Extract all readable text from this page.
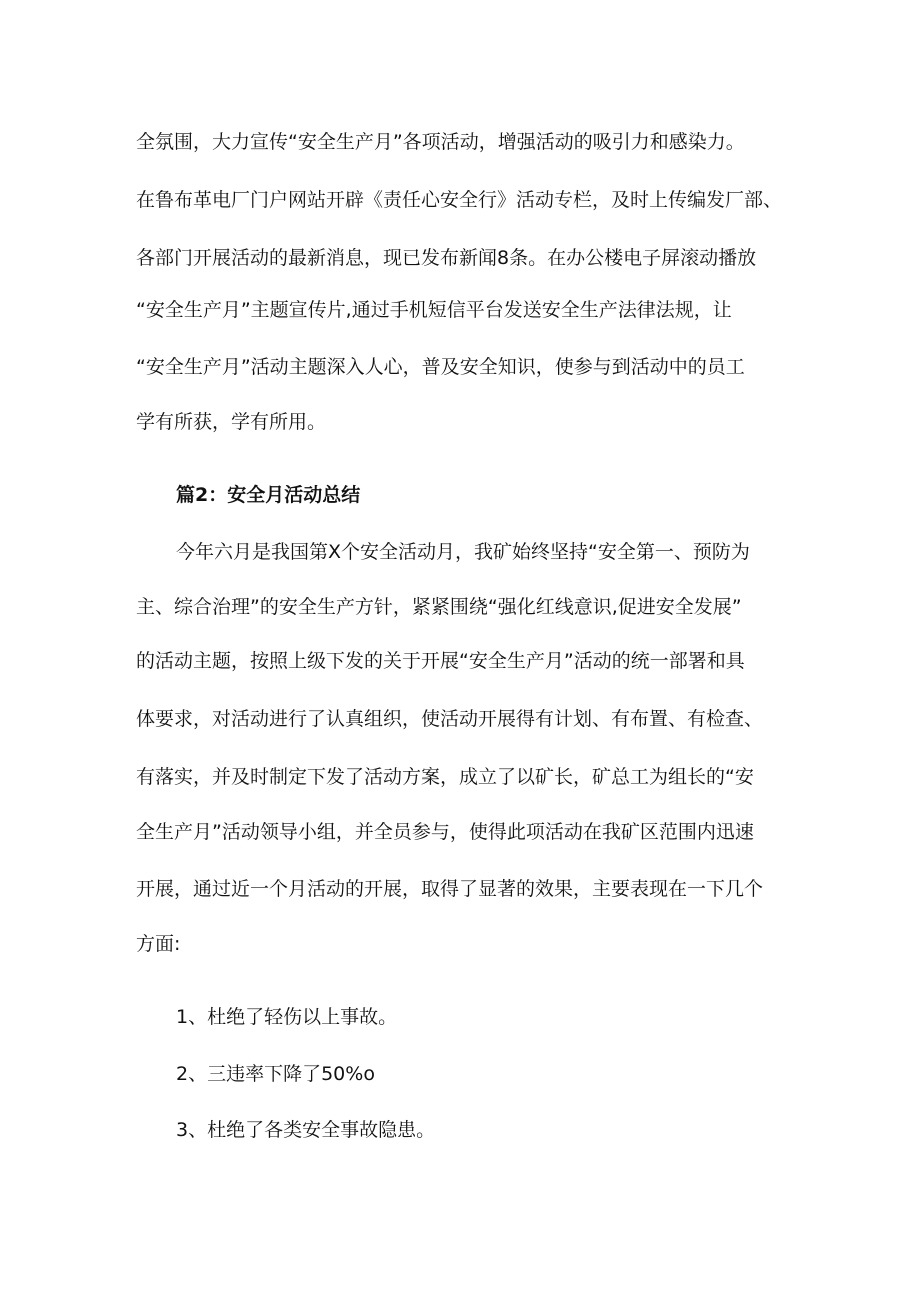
全氛围，大力宣传“安全生产月”各项活动，增强活动的吸引力和感染力。
在鲁布革电厂门户网站开辟《责任心安全行》活动专栏，及时上传编发厂部、
各部门开展活动的最新消息，现已发布新闻8条。在办公楼电子屏滚动播放
“安全生产月”主题宣传片,通过手机短信平台发送安全生产法律法规，让
“安全生产月”活动主题深入人心，普及安全知识，使参与到活动中的员工
学有所获，学有所用。
篇2：安全月活动总结
今年六月是我国第X个安全活动月，我矿始终坚持“安全第一、预防为
主、综合治理”的安全生产方针，紧紧围绕“强化红线意识,促进安全发展”
的活动主题，按照上级下发的关于开展“安全生产月”活动的统一部署和具
体要求，对活动进行了认真组织，使活动开展得有计划、有布置、有检查、
有落实，并及时制定下发了活动方案，成立了以矿长，矿总工为组长的“安
全生产月”活动领导小组，并全员参与，使得此项活动在我矿区范围内迅速
开展，通过近一个月活动的开展，取得了显著的效果，主要表现在一下几个
方面:
1、杜绝了轻伤以上事故。
2、三违率下降了50%o
3、杜绝了各类安全事故隐患。
